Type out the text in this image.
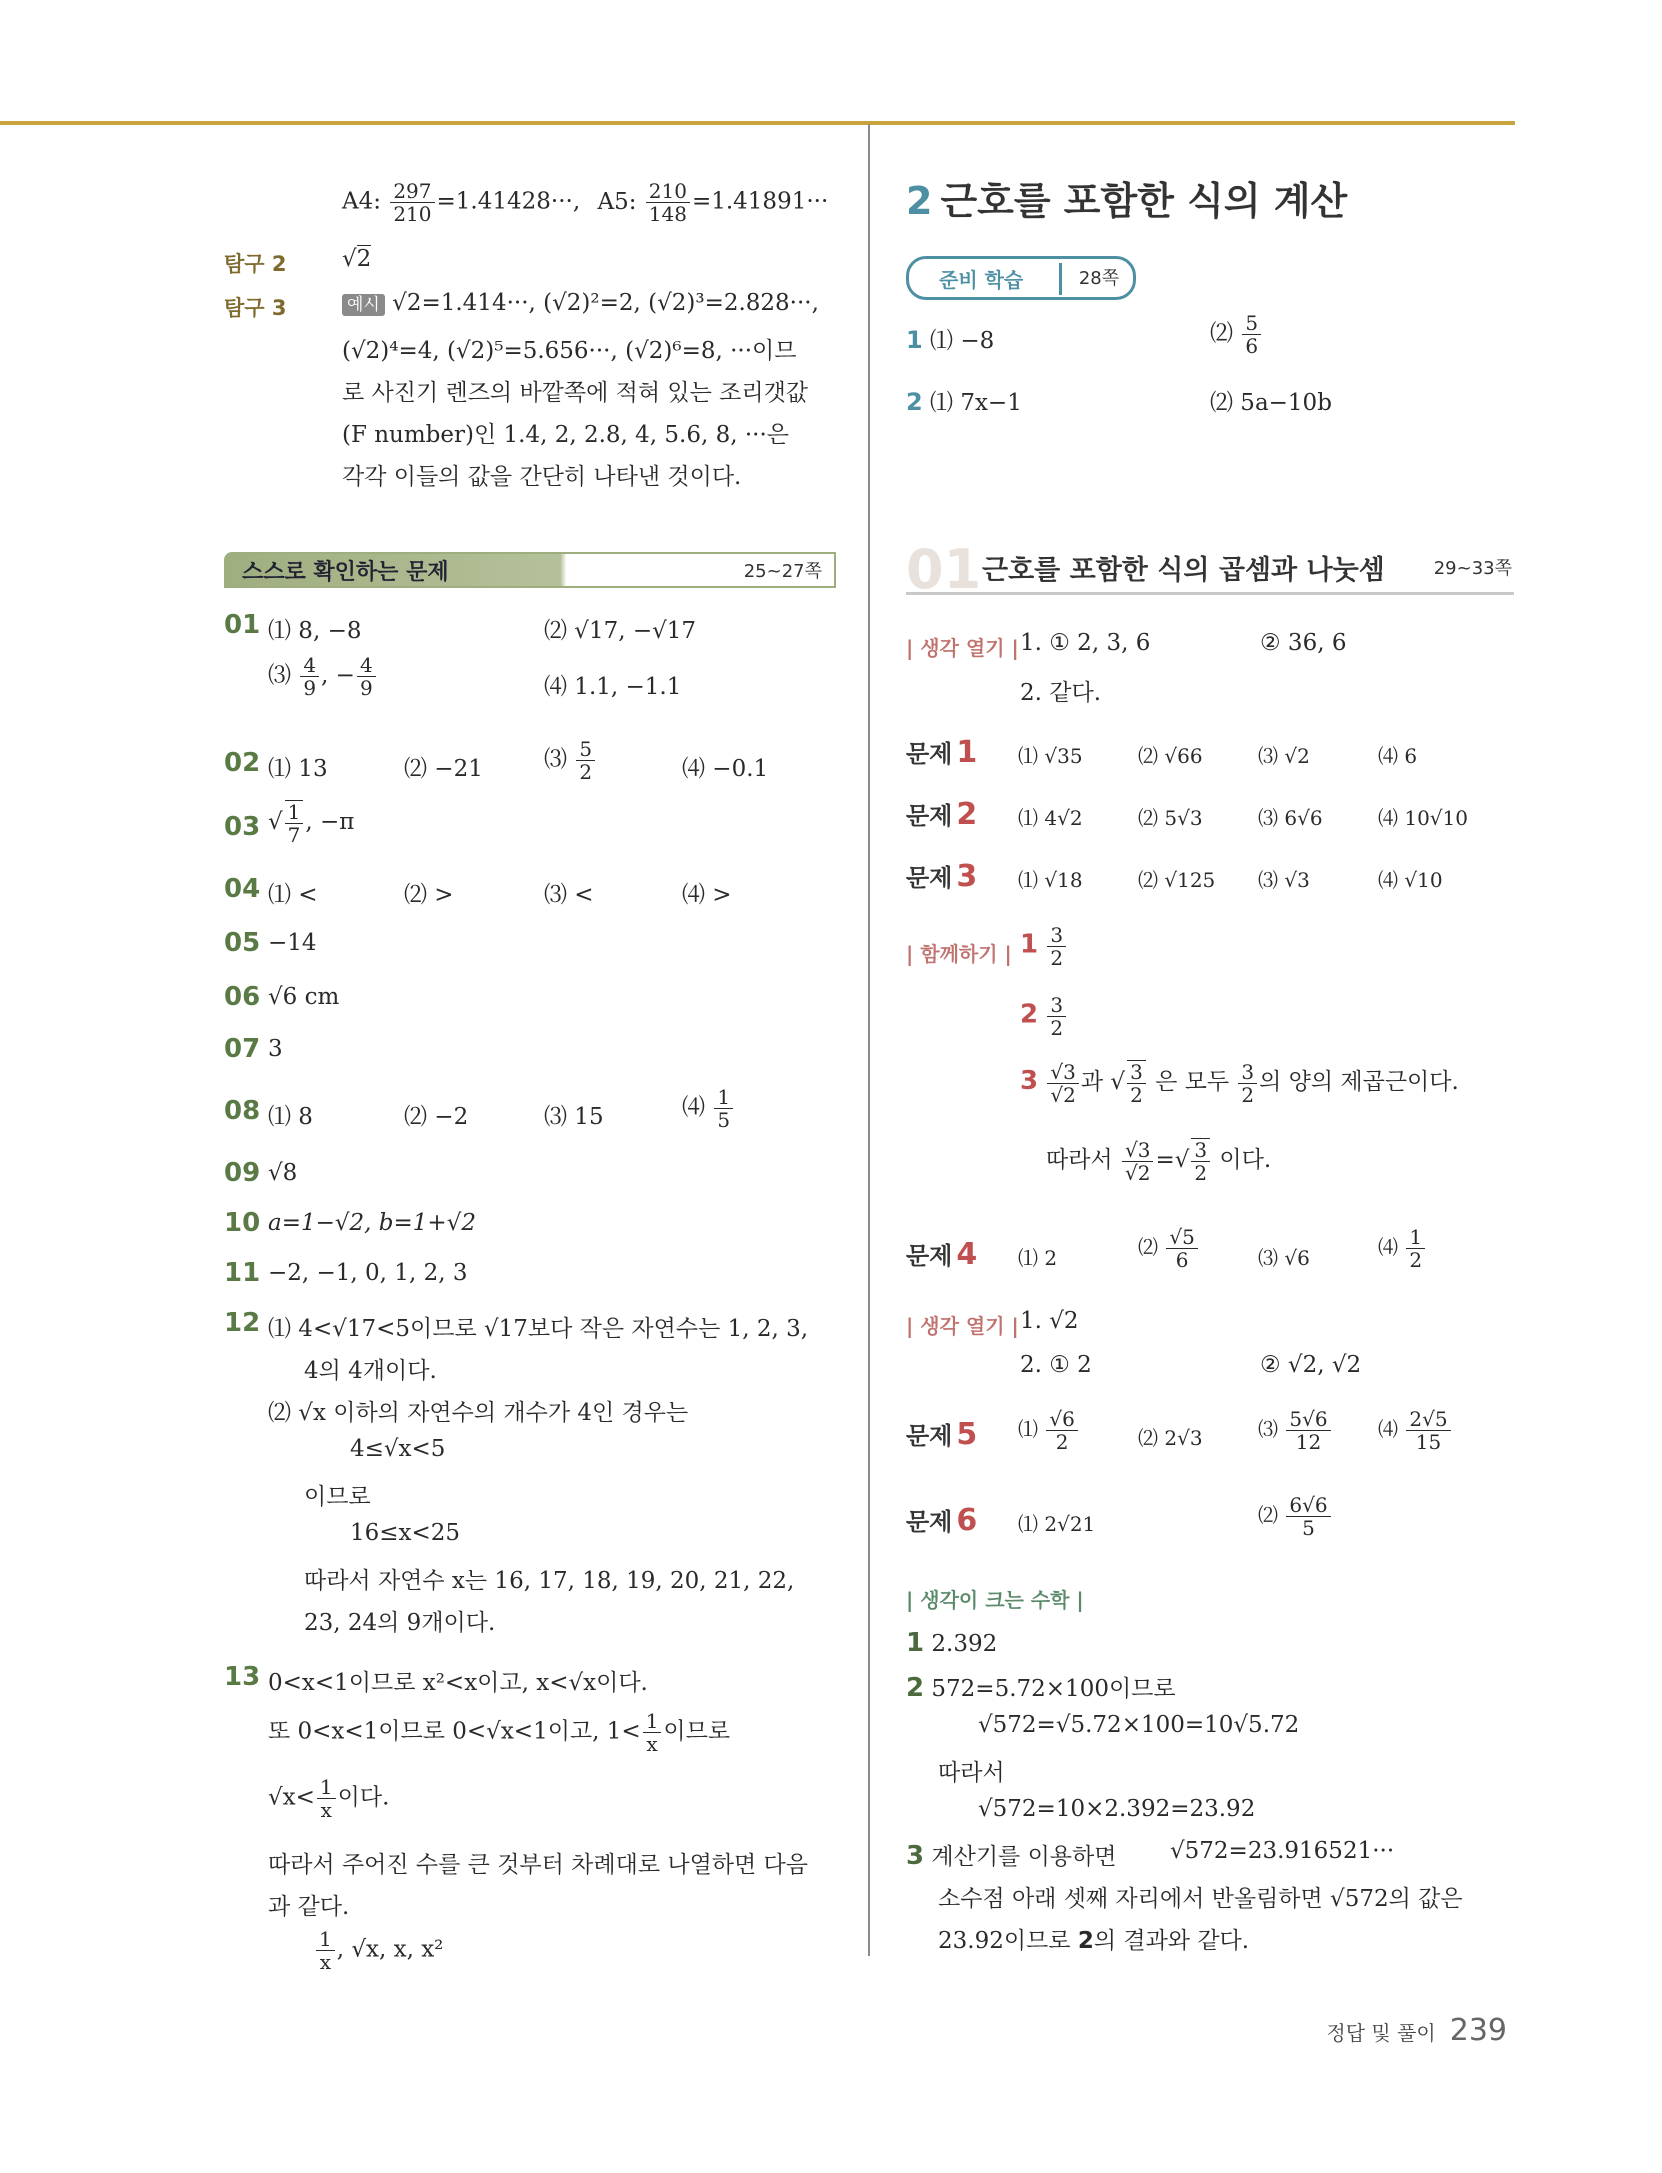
A4: $\frac{297}{210} =1.41428\cdot\cdot\cdot$, A5: $\frac{210}{148} =1.41891\cdot\cdot\cdot$
탐구 2
√	2
탐구 3	예시 √2=1.414···, (√2)²=2, (√2)³=2.828···,
(√2)⁴=4, (√2)⁵=5.656···, (√2)⁶=8, ···이므
로 사진기 렌즈의 바깥쪽에 적혀 있는 조리갯값
(F number)인 1.4, 2, 2.8, 4, 5.6, 8, ···은
각각 이들의 값을 간단히 나타낸 것이다.
스스로 확인하는 문제	25~27쪽
01 ⑴ 8, −8	⑵ √17, −√17
⑶ $\frac{4}{9}$ , − $\frac{4}{9}$	⑷ 1.1, −1.1
02 ⑴ 13	⑵ −21	⑶ $\frac{5}{2}$	⑷ −0.1
03 √ $\frac{1}{7}$ , −π
04 ⑴ <	⑵ >	⑶ <	⑷ >
05 −14
06 √6 cm
07 3
08 ⑴ 8	⑵ −2	⑶ 15	⑷ $\frac{1}{5}$
09 √8
10 a=1−√2, b=1+√2
11 −2, −1, 0, 1, 2, 3
12 ⑴ 4<√17<5이므로 √17보다 작은 자연수는 1, 2, 3,
4의 4개이다.
⑵ √x 이하의 자연수의 개수가 4인 경우는
4≤√x<5
이므로
16≤x<25
따라서 자연수 x는 16, 17, 18, 19, 20, 21, 22,
23, 24의 9개이다.
13 0<x<1이므로 x²<x이고, x<√x이다.
또 0<x<1이므로 0<√x<1이고, $1< \frac{1}{x}$ 이므로
$√x< \frac{1}{x}$ 이다.
따라서 주어진 수를 큰 것부터 차례대로 나열하면 다음
과 같다.
$\frac{1}{x}$ , √x, x, x²
2 근호를 포함한 식의 계산
준비 학습	28쪽
1 ⑴ −8	⑵ $\frac{5}{6}$
2 ⑴ 7x−1	⑵ 5a−10b
01 근호를 포함한 식의 곱셈과 나눗셈	29~33쪽
| 생각 열기 | 1. ① 2, 3, 6	② 36, 6
2. 같다.
문제 1 ⑴ √35	⑵ √66	⑶ √2	⑷ 6
문제 2 ⑴ 4√2	⑵ 5√3	⑶ 6√6	⑷ 10√10
문제 3 ⑴ √18	⑵ √125 ⑶ √3	⑷ √10
| 함께하기 | $1 \frac{3}{2}$
$2 \frac{3}{2}$
$3 \frac{√3}{√2}$ 과 √ $\frac{3}{2}$ 은 모두 $\frac{3}{2}$ 의 양의 제곱근이다.
따라서 $\frac{√3}{√2}$ =√ $\frac{3}{2}$ 이다.
문제 4 ⑴ 2	⑵ $\frac{√5}{6}$	⑶ √6	⑷ $\frac{1}{2}$
| 생각 열기 | 1. √2
2. ① 2	② √2, √2
문제 5 ⑴ $\frac{√6}{2}$	⑵ 2√3	⑶ $\frac{5√6}{12}$ ⑷ $\frac{2√5}{15}$
문제 6 ⑴ 2√21	⑵ $\frac{6√6}{5}$
| 생각이 크는 수학 |
1 2.392
2 572=5.72×100이므로
√572=√5.72×100=10√5.72
따라서
√572=10×2.392=23.92
3 계산기를 이용하면 √572=23.916521···
소수점 아래 셋째 자리에서 반올림하면 √572의 값은
23.92이므로 2의 결과와 같다.
정답 및 풀이 239
